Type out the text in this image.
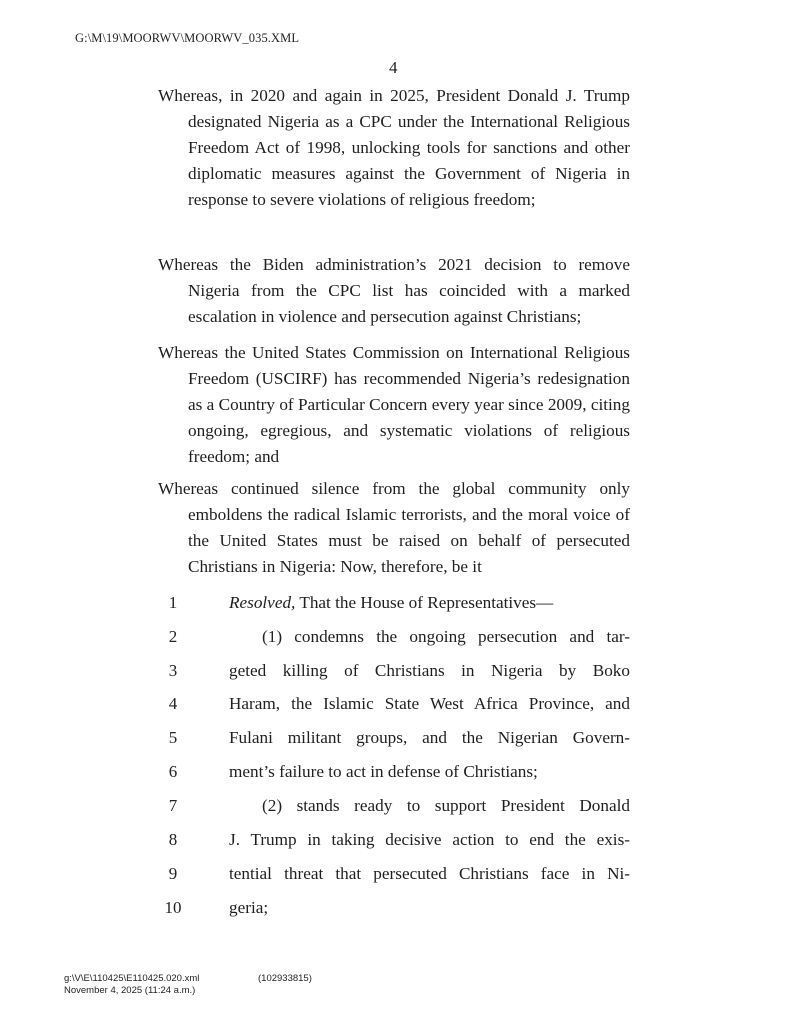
G:\M\19\MOORWV\MOORWV_035.XML
4
Whereas, in 2020 and again in 2025, President Donald J. Trump designated Nigeria as a CPC under the International Religious Freedom Act of 1998, unlocking tools for sanctions and other diplomatic measures against the Government of Nigeria in response to severe violations of religious freedom;
Whereas the Biden administration’s 2021 decision to remove Nigeria from the CPC list has coincided with a marked escalation in violence and persecution against Christians;
Whereas the United States Commission on International Religious Freedom (USCIRF) has recommended Nigeria’s redesignation as a Country of Particular Concern every year since 2009, citing ongoing, egregious, and systematic violations of religious freedom; and
Whereas continued silence from the global community only emboldens the radical Islamic terrorists, and the moral voice of the United States must be raised on behalf of persecuted Christians in Nigeria: Now, therefore, be it
1	Resolved, That the House of Representatives—
2	(1) condemns the ongoing persecution and tar-
3	geted killing of Christians in Nigeria by Boko
4	Haram, the Islamic State West Africa Province, and
5	Fulani militant groups, and the Nigerian Govern-
6	ment’s failure to act in defense of Christians;
7	(2) stands ready to support President Donald
8	J. Trump in taking decisive action to end the exis-
9	tential threat that persecuted Christians face in Ni-
10	geria;
g:\V\E\110425\E110425.020.xml	(102933815)
November 4, 2025 (11:24 a.m.)
